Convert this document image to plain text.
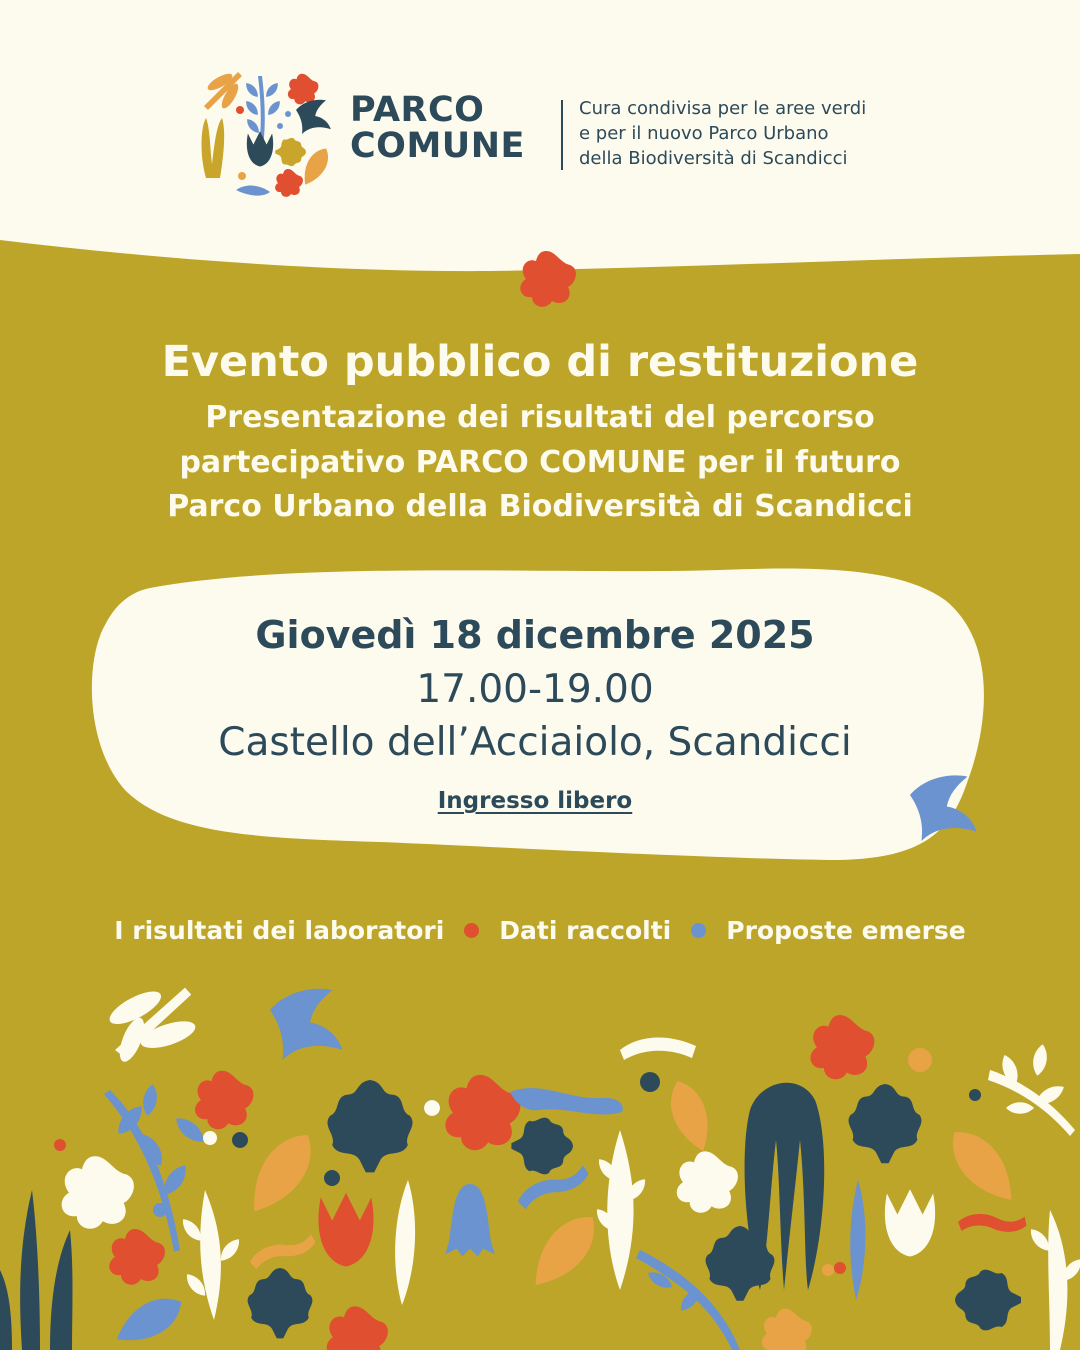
PARCO
COMUNE
Cura condivisa per le aree verdi
e per il nuovo Parco Urbano
della Biodiversità di Scandicci
Evento pubblico di restituzione
Presentazione dei risultati del percorso
partecipativo PARCO COMUNE per il futuro
Parco Urbano della Biodiversità di Scandicci
Giovedì 18 dicembre 2025
17.00-19.00
Castello dell’Acciaiolo, Scandicci
Ingresso libero
I risultati dei laboratori Dati raccolti Proposte emerse
